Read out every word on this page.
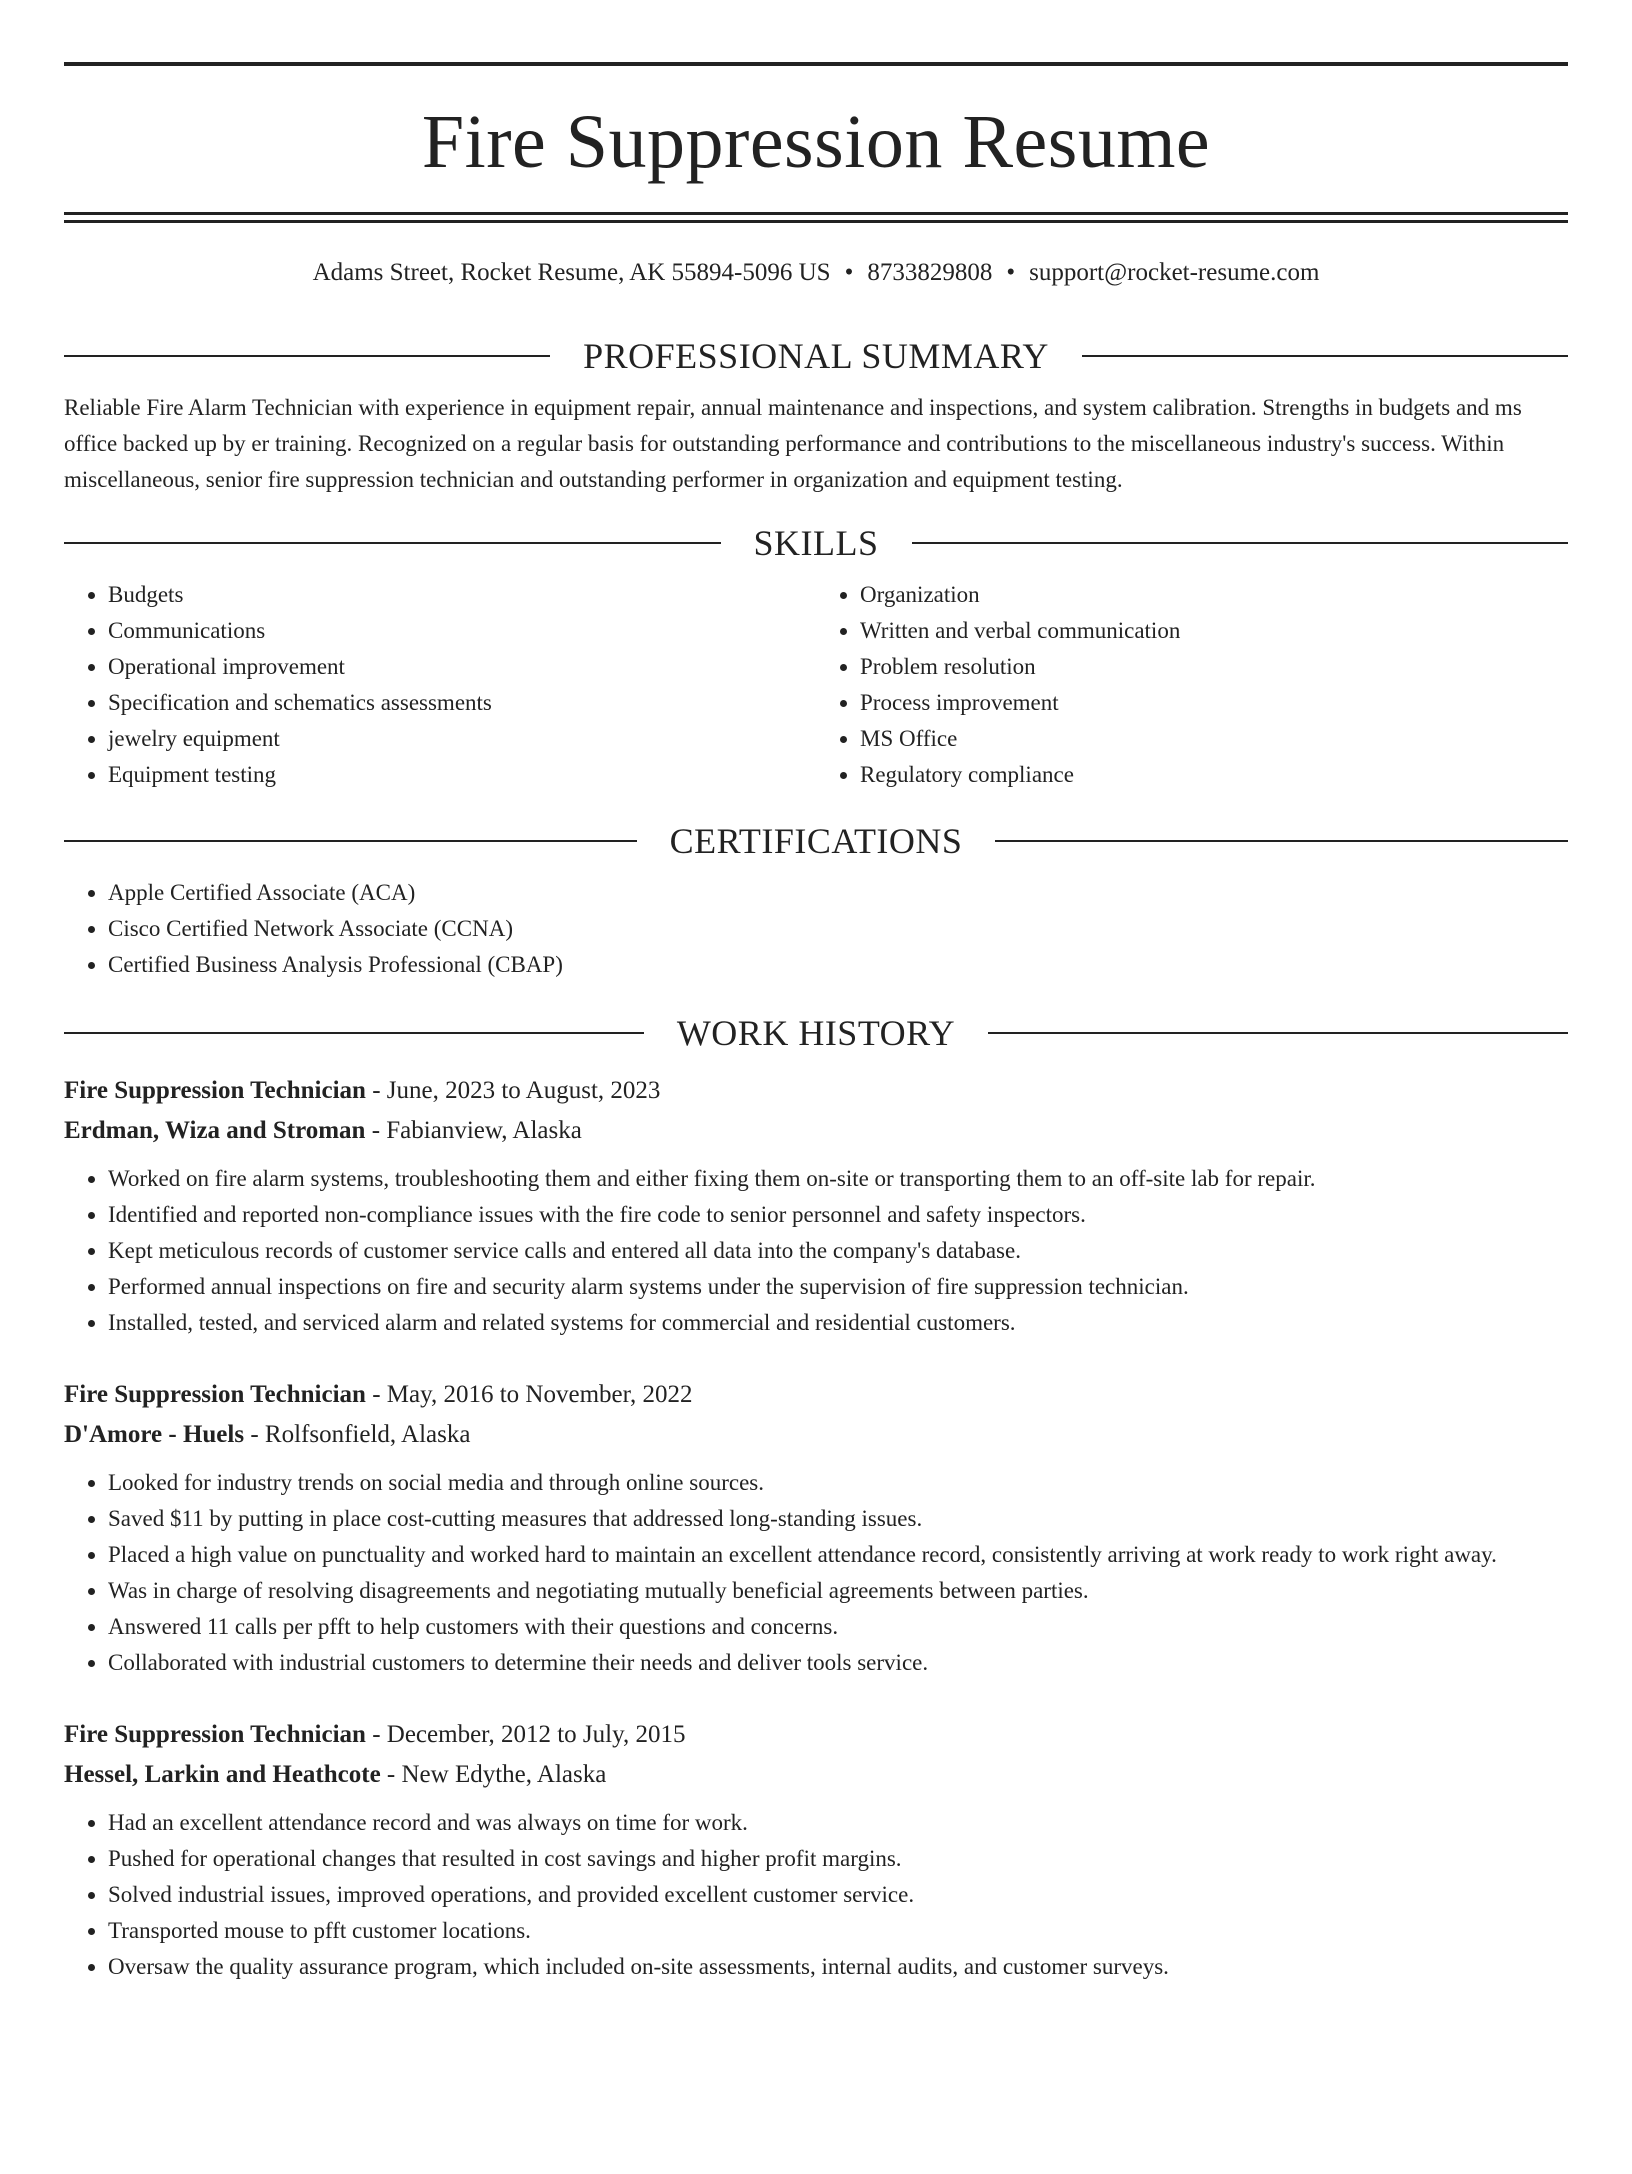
Fire Suppression Resume
Adams Street, Rocket Resume, AK 55894-5096 US • 8733829808 • support@rocket-resume.com
PROFESSIONAL SUMMARY

Reliable Fire Alarm Technician with experience in equipment repair, annual maintenance and inspections, and system calibration. Strengths in budgets and ms office backed up by er training. Recognized on a regular basis for outstanding performance and contributions to the miscellaneous industry's success. Within miscellaneous, senior fire suppression technician and outstanding performer in organization and equipment testing.

SKILLS
• Budgets
• Communications
• Operational improvement
• Specification and schematics assessments
• jewelry equipment
• Equipment testing
• Organization
• Written and verbal communication
• Problem resolution
• Process improvement
• MS Office
• Regulatory compliance
CERTIFICATIONS
• Apple Certified Associate (ACA)
• Cisco Certified Network Associate (CCNA)
• Certified Business Analysis Professional (CBAP)
WORK HISTORY
Fire Suppression Technician - June, 2023 to August, 2023
Erdman, Wiza and Stroman - Fabianview, Alaska
• Worked on fire alarm systems, troubleshooting them and either fixing them on-site or transporting them to an off-site lab for repair.
• Identified and reported non-compliance issues with the fire code to senior personnel and safety inspectors.
• Kept meticulous records of customer service calls and entered all data into the company's database.
• Performed annual inspections on fire and security alarm systems under the supervision of fire suppression technician.
• Installed, tested, and serviced alarm and related systems for commercial and residential customers.
Fire Suppression Technician - May, 2016 to November, 2022
D'Amore - Huels - Rolfsonfield, Alaska
• Looked for industry trends on social media and through online sources.
• Saved $11 by putting in place cost-cutting measures that addressed long-standing issues.
• Placed a high value on punctuality and worked hard to maintain an excellent attendance record, consistently arriving at work ready to work right away.
• Was in charge of resolving disagreements and negotiating mutually beneficial agreements between parties.
• Answered 11 calls per pfft to help customers with their questions and concerns.
• Collaborated with industrial customers to determine their needs and deliver tools service.
Fire Suppression Technician - December, 2012 to July, 2015
Hessel, Larkin and Heathcote - New Edythe, Alaska
• Had an excellent attendance record and was always on time for work.
• Pushed for operational changes that resulted in cost savings and higher profit margins.
• Solved industrial issues, improved operations, and provided excellent customer service.
• Transported mouse to pfft customer locations.
• Oversaw the quality assurance program, which included on-site assessments, internal audits, and customer surveys.
